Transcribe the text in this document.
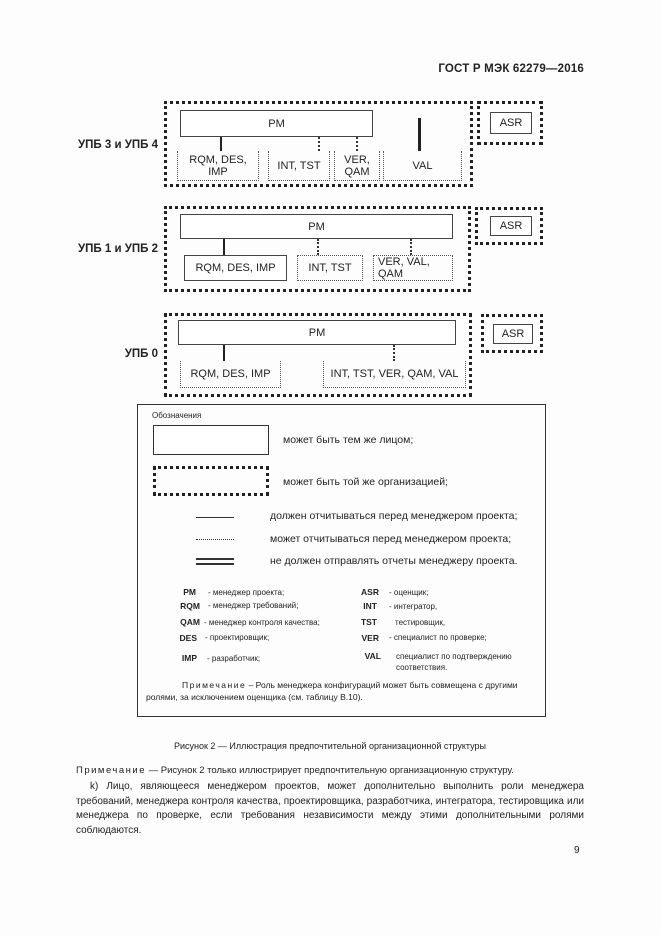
ГОСТ Р МЭК 62279—2016
УПБ 3 и УПБ 4
PM
RQM, DES,
IMP	INT, TST VER,
QAM	VAL
ASR
УПБ 1 и УПБ 2
PM
RQM, DES, IMP	INT, TST VER, VAL,
QAM
ASR
УПБ 0
PM
RQM, DES, IMP	INT, TST, VER, QAM, VAL
ASR
Обозначения
может быть тем же лицом;
может быть той же организацией;
должен отчитываться перед менеджером проекта;
может отчитываться перед менеджером проекта;
не должен отправлять отчеты менеджеру проекта.
PM - менеджер проекта;
RQM - менеджер требований;
QAM - менеджер контроля качества;
DES - проектировщик;
IMP - разработчик;
ASR - оценщик;
INT - интегратор,
TST тестировщик,
VER - специалист по проверке;
VAL специалист по подтверждению
соответствия.
Примечание – Роль менеджера конфигураций может быть совмещена с другими ролями, за исключением оценщика (см. таблицу B.10).
Рисунок 2 — Иллюстрация предпочтительной организационной структуры
Примечание — Рисунок 2 только иллюстрирует предпочтительную организационную структуру.
k) Лицо, являющееся менеджером проектов, может дополнительно выполнить роли менеджера требований, менеджера контроля качества, проектировщика, разработчика, интегратора, тестировщика или менеджера по проверке, если требования независимости между этими дополнительными ролями соблюдаются.
9
